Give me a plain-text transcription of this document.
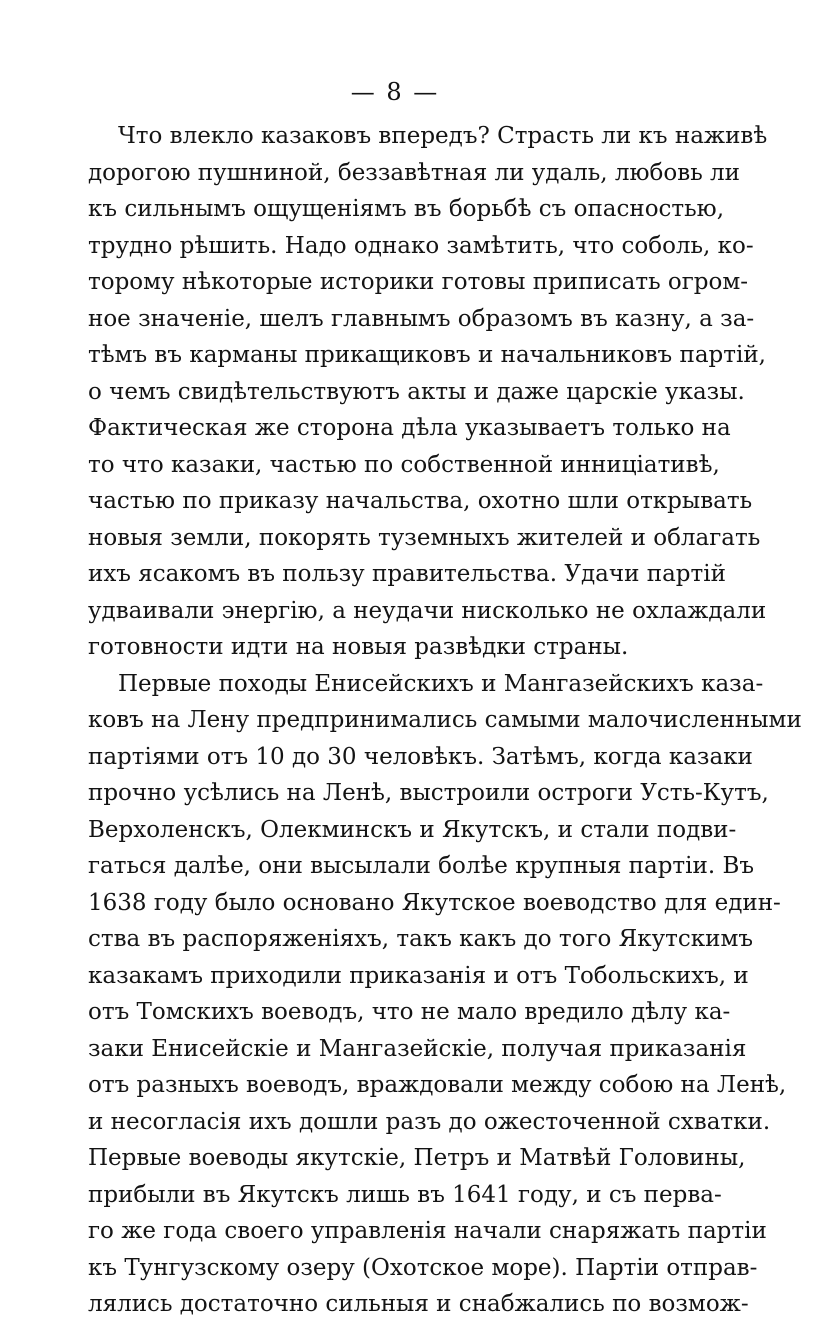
— 8 —
Что влекло казаковъ впередъ? Страсть ли къ наживѣ
дорогою пушниной, беззавѣтная ли удаль, любовь ли
къ сильнымъ ощущеніямъ въ борьбѣ съ опасностью,
трудно рѣшить. Надо однако замѣтить, что соболь, ко-
торому нѣкоторые историки готовы приписать огром-
ное значеніе, шелъ главнымъ образомъ въ казну, а за-
тѣмъ въ карманы прикащиковъ и начальниковъ партій,
о чемъ свидѣтельствуютъ акты и даже царскіе указы.
Фактическая же сторона дѣла указываетъ только на
то что казаки, частью по собственной инниціативѣ,
частью по приказу начальства, охотно шли открывать
новыя земли, покорять туземныхъ жителей и облагать
ихъ ясакомъ въ пользу правительства. Удачи партій
удваивали энергію, а неудачи нисколько не охлаждали
готовности идти на новыя развѣдки страны.
Первые походы Енисейскихъ и Мангазейскихъ каза-
ковъ на Лену предпринимались самыми малочисленными
партіями отъ 10 до 30 человѣкъ. Затѣмъ, когда казаки
прочно усѣлись на Ленѣ, выстроили остроги Усть-Кутъ,
Верхоленскъ, Олекминскъ и Якутскъ, и стали подви-
гаться далѣе, они высылали болѣе крупныя партіи. Въ
1638 году было основано Якутское воеводство для един-
ства въ распоряженіяхъ, такъ какъ до того Якутскимъ
казакамъ приходили приказанія и отъ Тобольскихъ, и
отъ Томскихъ воеводъ, что не мало вредило дѣлу ка-
заки Енисейскіе и Мангазейскіе, получая приказанія
отъ разныхъ воеводъ, враждовали между собою на Ленѣ,
и несогласія ихъ дошли разъ до ожесточенной схватки.
Первые воеводы якутскіе, Петръ и Матвѣй Головины,
прибыли въ Якутскъ лишь въ 1641 году, и съ перва-
го же года своего управленія начали снаряжать партіи
къ Тунгузскому озеру (Охотское море). Партіи отправ-
лялись достаточно сильныя и снабжались по возмож-
